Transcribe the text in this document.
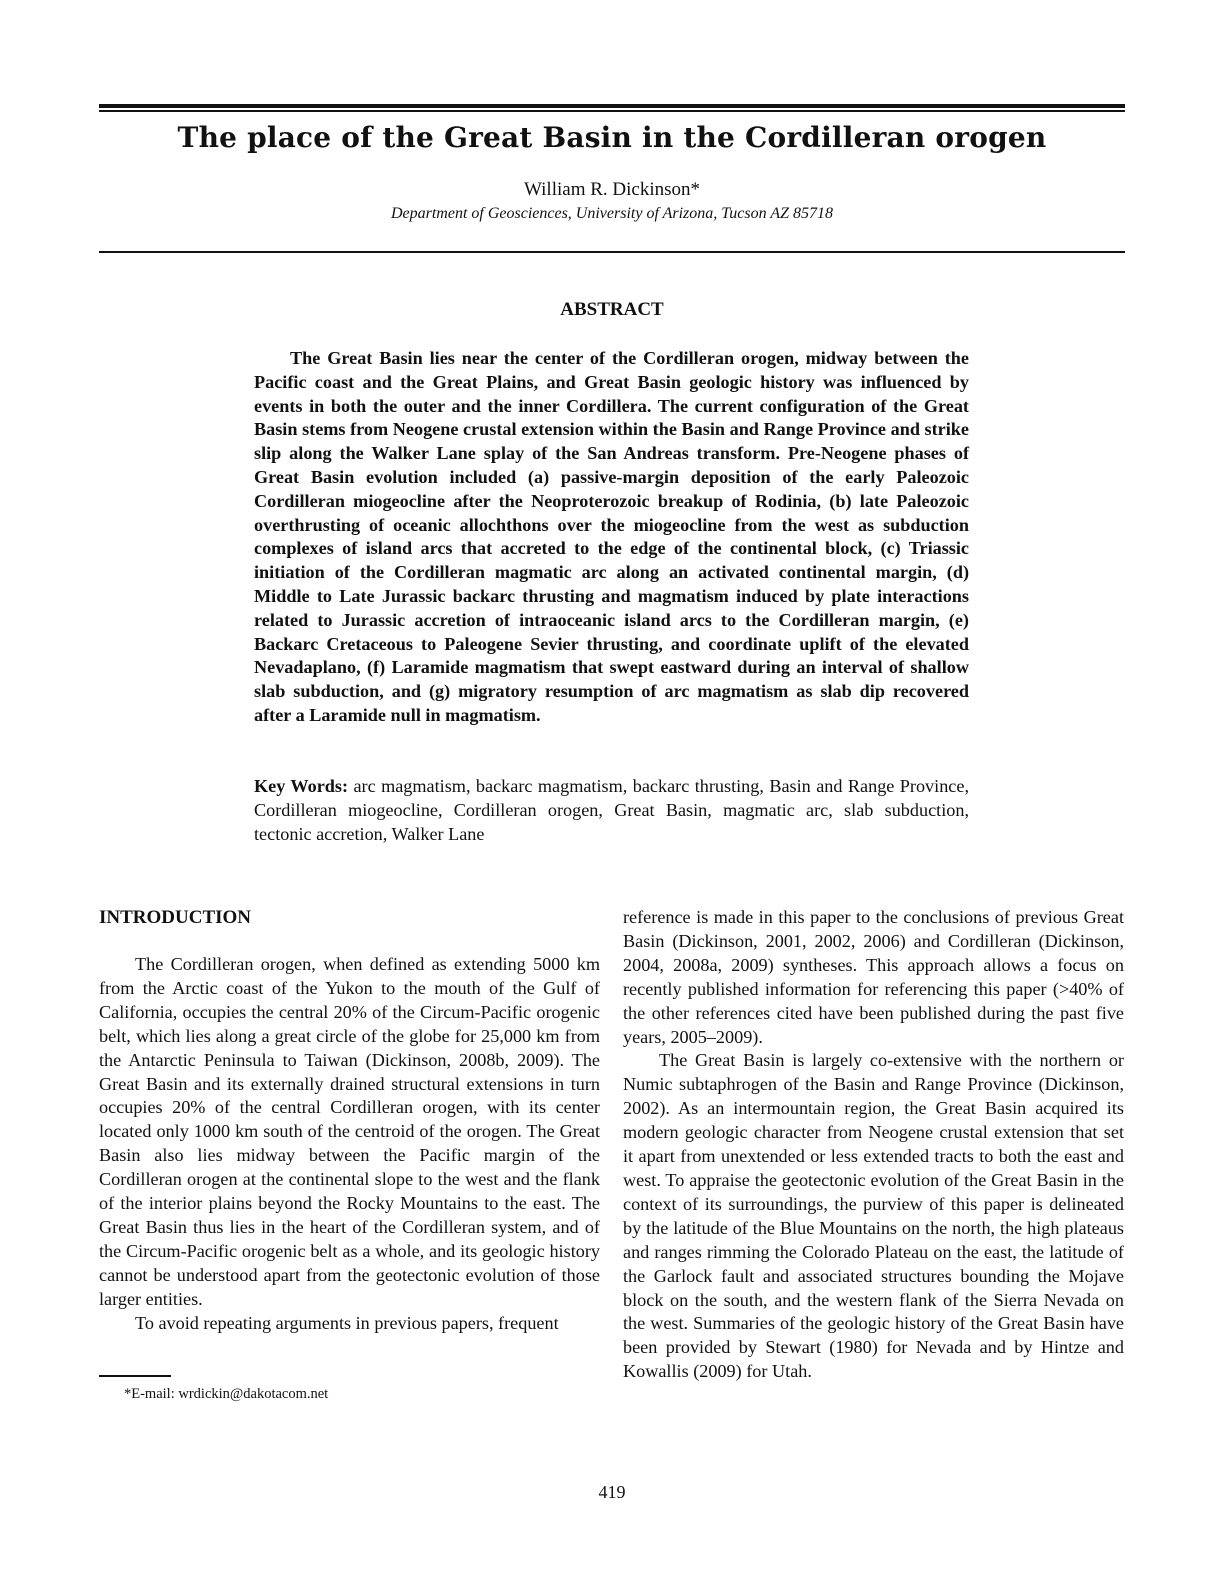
The place of the Great Basin in the Cordilleran orogen
William R. Dickinson*
Department of Geosciences, University of Arizona, Tucson AZ 85718
ABSTRACT

The Great Basin lies near the center of the Cordilleran orogen, midway between the Pacific coast and the Great Plains, and Great Basin geologic history was influenced by events in both the outer and the inner Cordillera. The current configuration of the Great Basin stems from Neogene crustal extension within the Basin and Range Province and strike slip along the Walker Lane splay of the San Andreas transform. Pre-Neogene phases of Great Basin evolution included (a) passive-margin deposition of the early Paleozoic Cordilleran miogeocline after the Neoproterozoic breakup of Rodinia, (b) late Paleozoic overthrusting of oceanic allochthons over the miogeocline from the west as subduction complexes of island arcs that accreted to the edge of the continental block, (c) Triassic initiation of the Cordilleran magmatic arc along an activated continental margin, (d) Middle to Late Jurassic backarc thrusting and magmatism induced by plate interactions related to Jurassic accretion of intraoceanic island arcs to the Cordilleran margin, (e) Backarc Cretaceous to Paleogene Sevier thrusting, and coordinate uplift of the elevated Nevadaplano, (f) Laramide magmatism that swept eastward during an interval of shallow slab subduction, and (g) migratory resumption of arc magmatism as slab dip recovered after a Laramide null in magmatism.

Key Words: arc magmatism, backarc magmatism, backarc thrusting, Basin and Range Province, Cordilleran miogeocline, Cordilleran orogen, Great Basin, magmatic arc, slab subduction, tectonic accretion, Walker Lane

INTRODUCTION

The Cordilleran orogen, when defined as extending 5000 km from the Arctic coast of the Yukon to the mouth of the Gulf of California, occupies the central 20% of the Circum-Pacific orogenic belt, which lies along a great circle of the globe for 25,000 km from the Antarctic Peninsula to Taiwan (Dickinson, 2008b, 2009). The Great Basin and its externally drained structural extensions in turn occupies 20% of the central Cordilleran orogen, with its center located only 1000 km south of the centroid of the orogen. The Great Basin also lies midway between the Pacific margin of the Cordilleran orogen at the continental slope to the west and the flank of the interior plains beyond the Rocky Mountains to the east. The Great Basin thus lies in the heart of the Cordilleran system, and of the Circum-Pacific orogenic belt as a whole, and its geologic history cannot be understood apart from the geotectonic evolution of those larger entities.

To avoid repeating arguments in previous papers, frequent

reference is made in this paper to the conclusions of previous Great Basin (Dickinson, 2001, 2002, 2006) and Cordilleran (Dickinson, 2004, 2008a, 2009) syntheses. This approach allows a focus on recently published information for referencing this paper (>40% of the other references cited have been published during the past five years, 2005–2009).

The Great Basin is largely co-extensive with the northern or Numic subtaphrogen of the Basin and Range Province (Dickinson, 2002). As an intermountain region, the Great Basin acquired its modern geologic character from Neogene crustal extension that set it apart from unextended or less extended tracts to both the east and west. To appraise the geotectonic evolution of the Great Basin in the context of its surroundings, the purview of this paper is delineated by the latitude of the Blue Mountains on the north, the high plateaus and ranges rimming the Colorado Plateau on the east, the latitude of the Garlock fault and associated structures bounding the Mojave block on the south, and the western flank of the Sierra Nevada on the west. Summaries of the geologic history of the Great Basin have been provided by Stewart (1980) for Nevada and by Hintze and Kowallis (2009) for Utah.

*E-mail: wrdickin@dakotacom.net
419
